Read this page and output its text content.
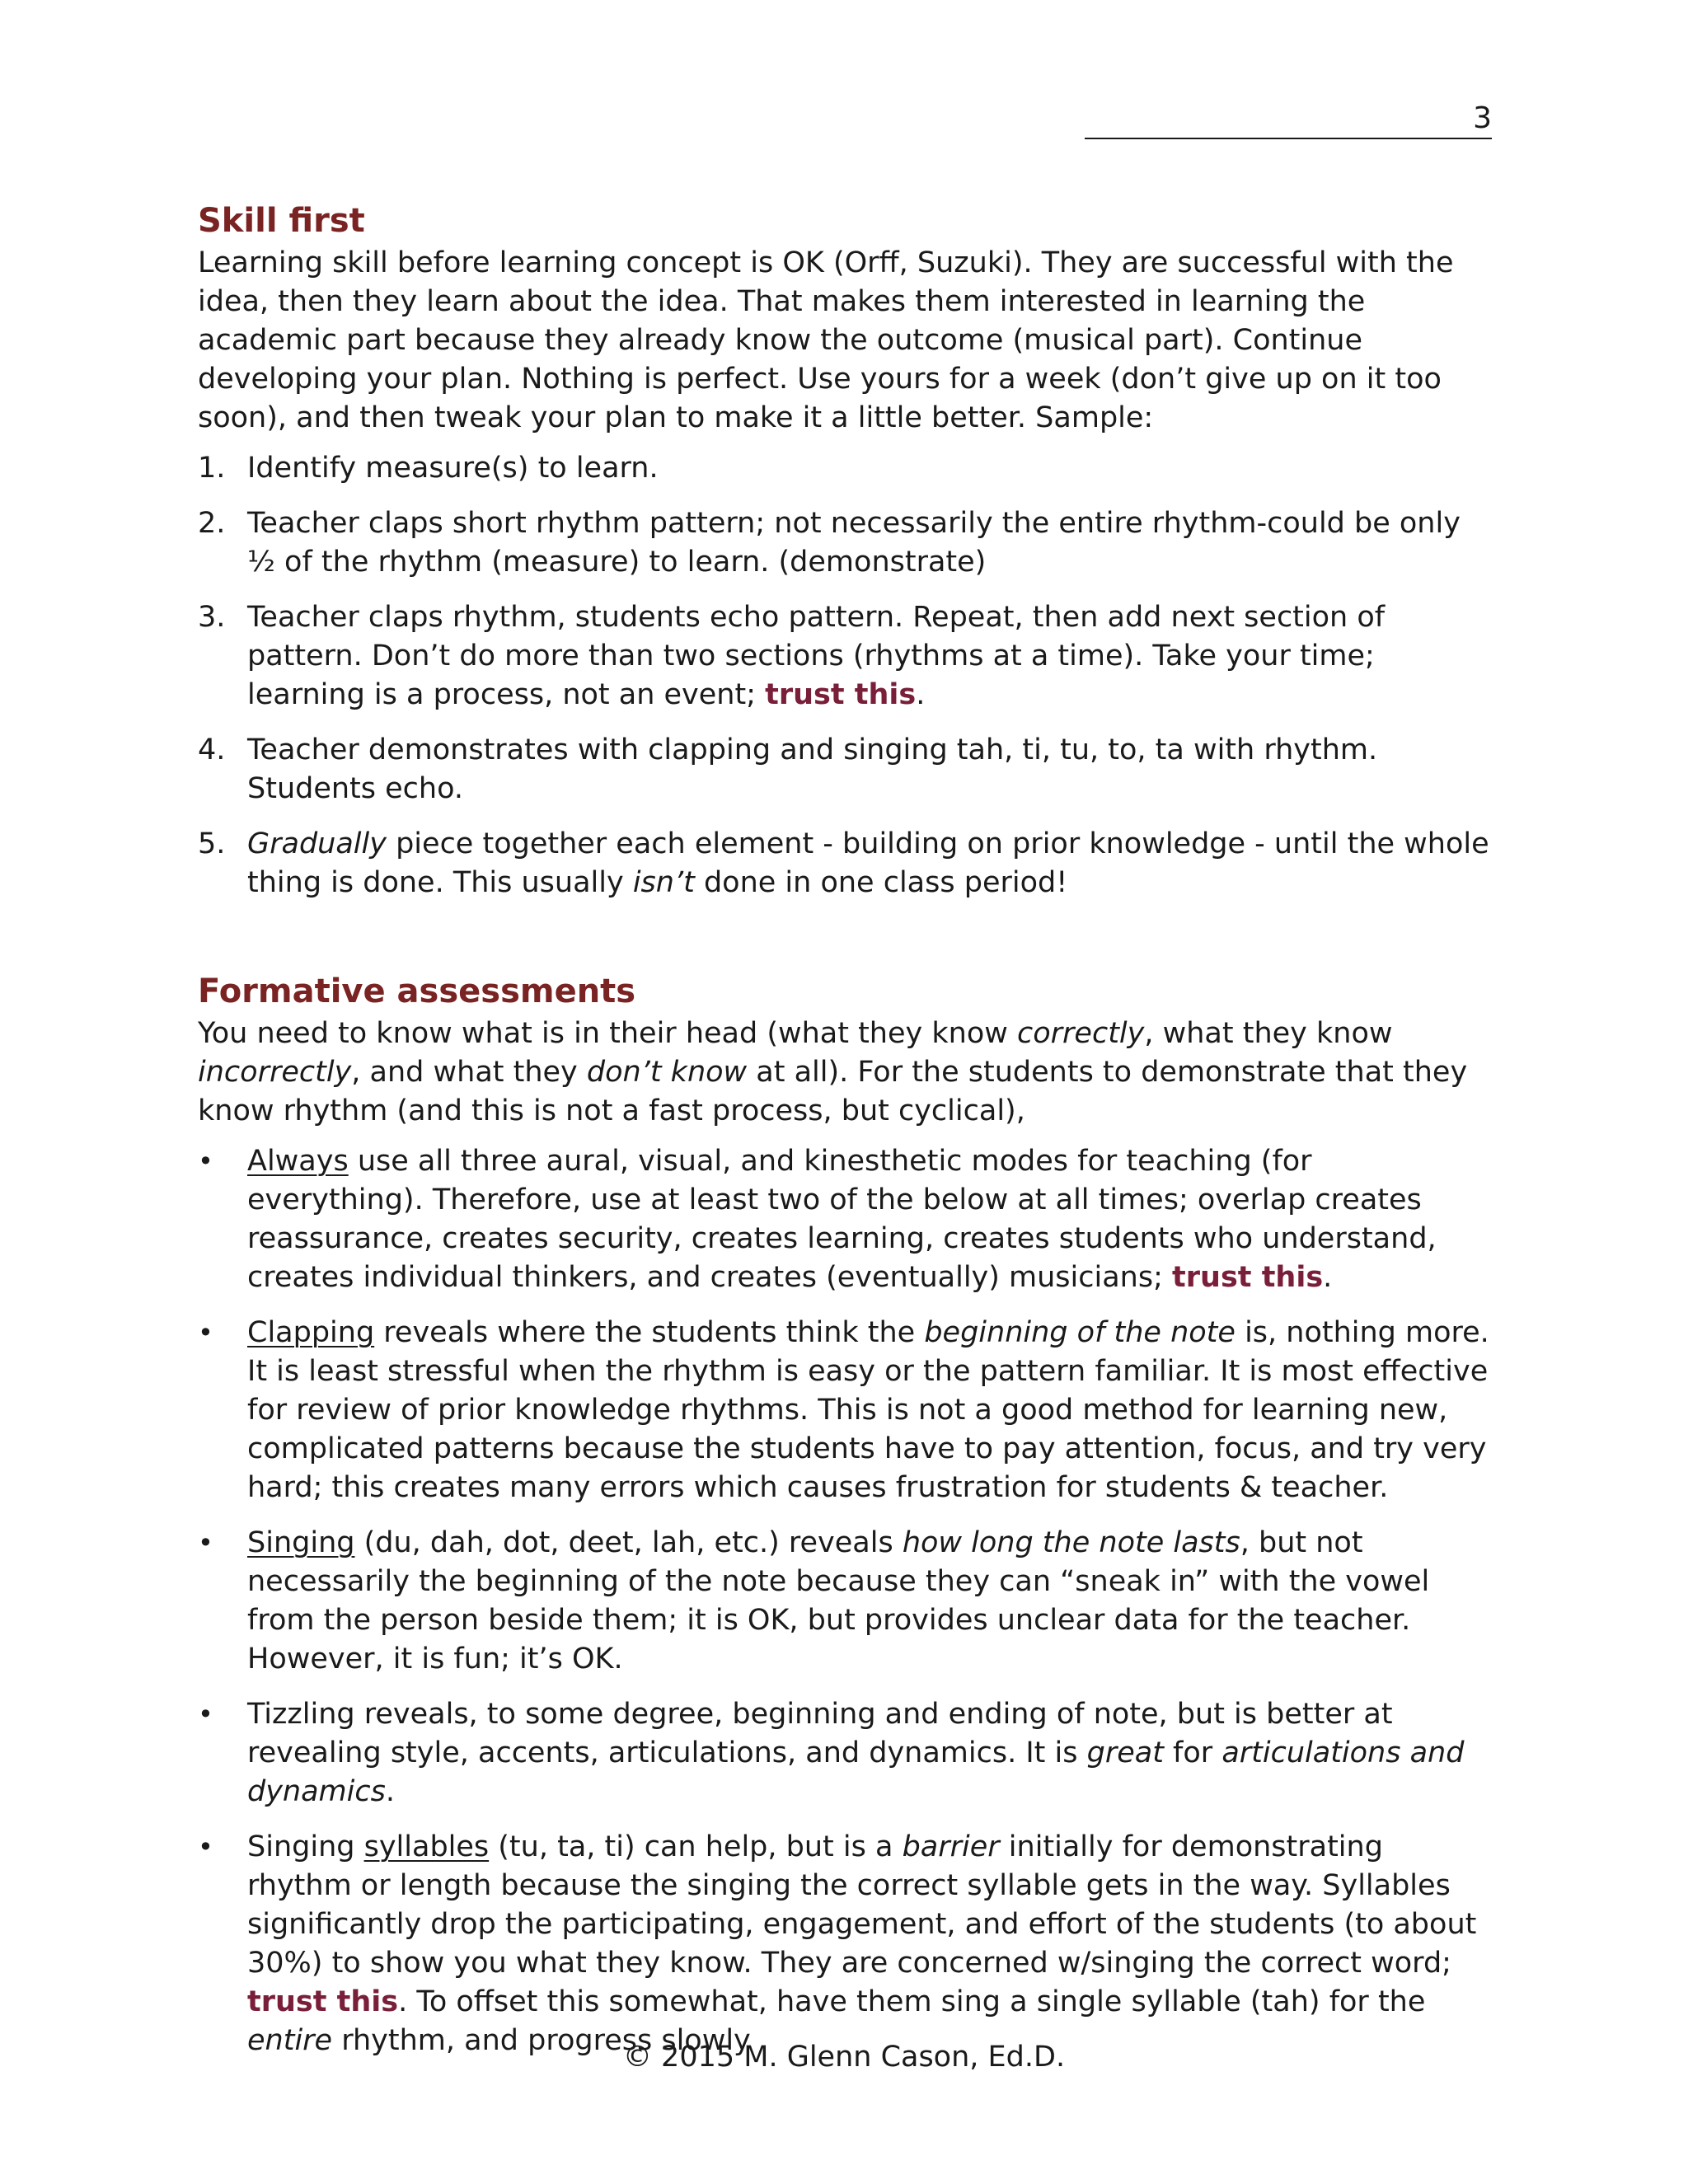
3
Skill first

Learning skill before learning concept is OK (Orff, Suzuki). They are successful with the idea, then they learn about the idea. That makes them interested in learning the academic part because they already know the outcome (musical part). Continue developing your plan. Nothing is perfect. Use yours for a week (don’t give up on it too soon), and then tweak your plan to make it a little better. Sample:

1. Identify measure(s) to learn.
2. Teacher claps short rhythm pattern; not necessarily the entire rhythm-could be only ½ of the rhythm (measure) to learn. (demonstrate)
3. Teacher claps rhythm, students echo pattern. Repeat, then add next section of pattern. Don’t do more than two sections (rhythms at a time). Take your time; learning is a process, not an event; trust this.
4. Teacher demonstrates with clapping and singing tah, ti, tu, to, ta with rhythm. Students echo.
5. Gradually piece together each element - building on prior knowledge - until the whole thing is done. This usually isn’t done in one class period!
Formative assessments

You need to know what is in their head (what they know correctly, what they know incorrectly, and what they don’t know at all). For the students to demonstrate that they know rhythm (and this is not a fast process, but cyclical),

•	Always use all three aural, visual, and kinesthetic modes for teaching (for everything). Therefore, use at least two of the below at all times; overlap creates reassurance, creates security, creates learning, creates students who understand, creates individual thinkers, and creates (eventually) musicians; trust this.
•	Clapping reveals where the students think the beginning of the note is, nothing more. It is least stressful when the rhythm is easy or the pattern familiar. It is most effective for review of prior knowledge rhythms. This is not a good method for learning new, complicated patterns because the students have to pay attention, focus, and try very hard; this creates many errors which causes frustration for students & teacher.
•	Singing (du, dah, dot, deet, lah, etc.) reveals how long the note lasts, but not necessarily the beginning of the note because they can “sneak in” with the vowel from the person beside them; it is OK, but provides unclear data for the teacher. However, it is fun; it’s OK.
•	Tizzling reveals, to some degree, beginning and ending of note, but is better at revealing style, accents, articulations, and dynamics. It is great for articulations and dynamics.
•	Singing syllables (tu, ta, ti) can help, but is a barrier initially for demonstrating rhythm or length because the singing the correct syllable gets in the way. Syllables significantly drop the participating, engagement, and effort of the students (to about 30%) to show you what they know. They are concerned w/singing the correct word; trust this. To offset this somewhat, have them sing a single syllable (tah) for the entire rhythm, and progress slowly
© 2015 M. Glenn Cason, Ed.D.
